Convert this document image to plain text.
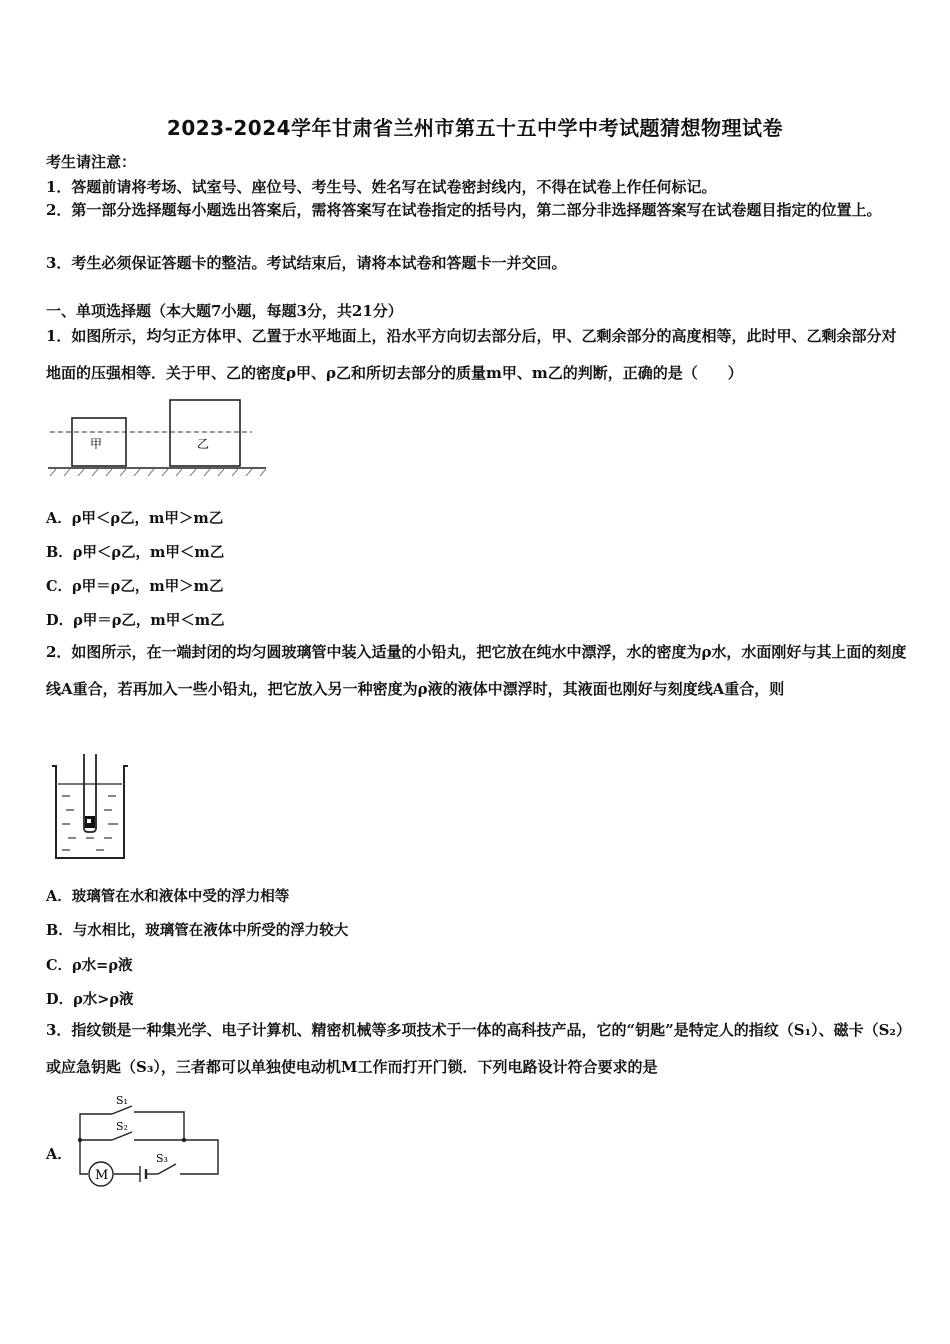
2023-2024学年甘肃省兰州市第五十五中学中考试题猜想物理试卷
考生请注意：
1．答题前请将考场、试室号、座位号、考生号、姓名写在试卷密封线内，不得在试卷上作任何标记。
2．第一部分选择题每小题选出答案后，需将答案写在试卷指定的括号内，第二部分非选择题答案写在试卷题目指定的位置上。
3．考生必须保证答题卡的整洁。考试结束后，请将本试卷和答题卡一并交回。
一、单项选择题（本大题7小题，每题3分，共21分）
1．如图所示，均匀正方体甲、乙置于水平地面上，沿水平方向切去部分后，甲、乙剩余部分的高度相等，此时甲、乙剩余部分对地面的压强相等．关于甲、乙的密度ρ甲、ρ乙和所切去部分的质量m甲、m乙的判断，正确的是（　　）
甲	乙
A．ρ甲＜ρ乙，m甲＞m乙
B．ρ甲＜ρ乙，m甲＜m乙
C．ρ甲＝ρ乙，m甲＞m乙
D．ρ甲＝ρ乙，m甲＜m乙
2．如图所示，在一端封闭的均匀圆玻璃管中装入适量的小铅丸，把它放在纯水中漂浮，水的密度为ρ水，水面刚好与其上面的刻度线A重合，若再加入一些小铅丸，把它放入另一种密度为ρ液的液体中漂浮时，其液面也刚好与刻度线A重合，则
A．玻璃管在水和液体中受的浮力相等
B．与水相比，玻璃管在液体中所受的浮力较大
C．ρ水=ρ液
D．ρ水>ρ液
3．指纹锁是一种集光学、电子计算机、精密机械等多项技术于一体的高科技产品，它的“钥匙”是特定人的指纹（S₁）、磁卡（S₂）或应急钥匙（S₃），三者都可以单独使电动机M工作而打开门锁．下列电路设计符合要求的是
A．
M
S₁
S₂
S₃
